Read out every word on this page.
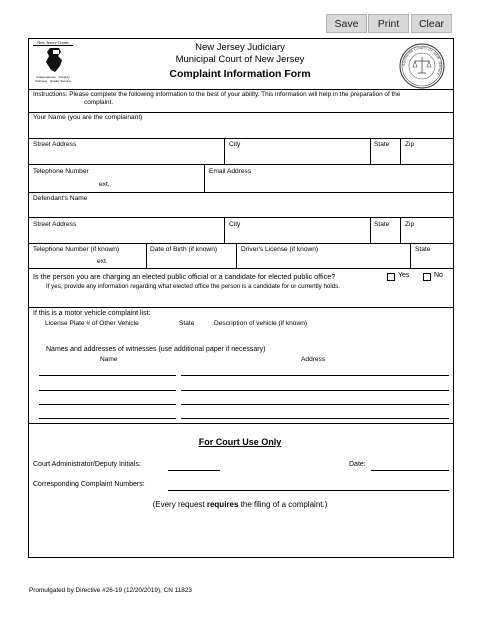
Save	Print	Clear
New Jersey Courts
Independence · Integrity
Fairness · Quality Service
New Jersey Judiciary
Municipal Court of New Jersey
Complaint Information Form
SUPREME COURT OF NEW JERSEY
Instructions: Please complete the following information to the best of your ability. This information will help in the preparation of the
complaint.
Your Name (you are the complainant)
Street Address	City	State Zip
Telephone Number
ext.
Email Address
Defendant's Name
Street Address	City	State Zip
Telephone Number (if known)
ext.
Date of Birth (if known)	Driver's License (if known)	State
Is the person you are charging an elected public official or a candidate for elected public office?	Yes	No
If yes, provide any information regarding what elected office the person is a candidate for or currently holds.
If this is a motor vehicle complaint list:
License Plate # of Other Vehicle	State	Description of vehicle (if known)
Names and addresses of witnesses (use additional paper if necessary)
Name	Address
For Court Use Only
Court Administrator/Deputy Initials:	Date:
Corresponding Complaint Numbers:
(Every request requires the filing of a complaint.)
Promulgated by Directive #26-19 (12/20/2019), CN 11823
